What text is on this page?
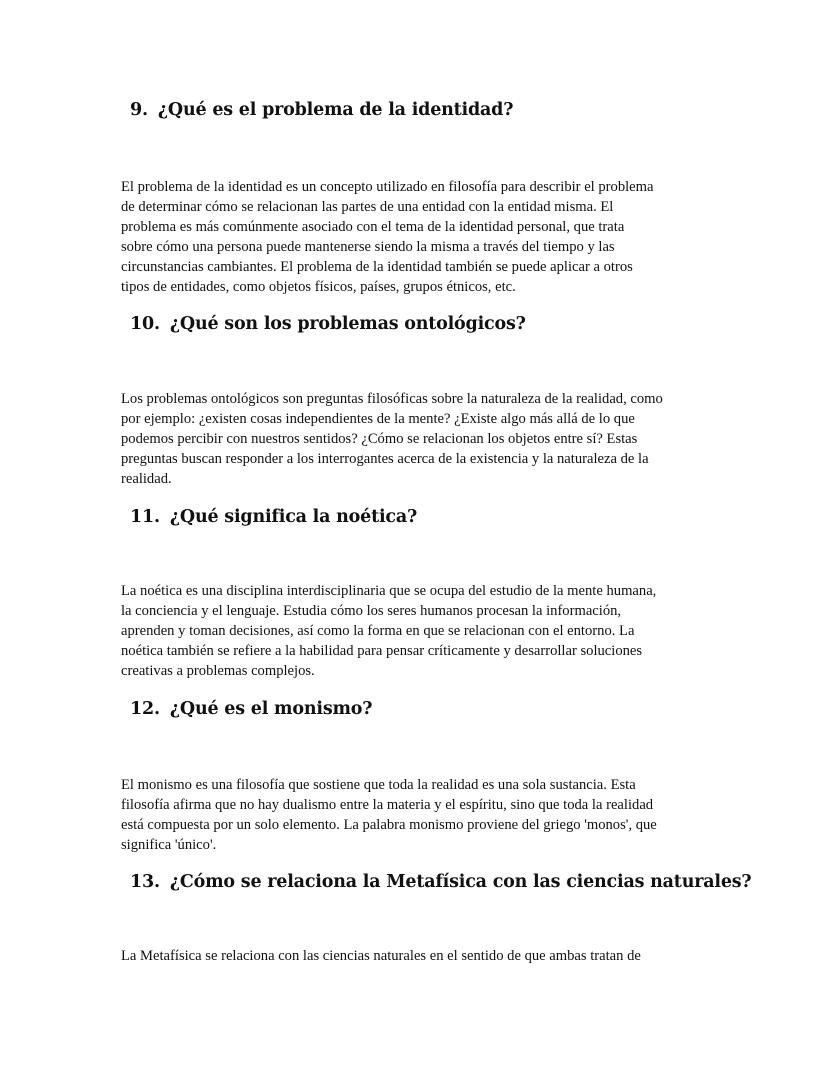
9. ¿Qué es el problema de la identidad?

El problema de la identidad es un concepto utilizado en filosofía para describir el problema
de determinar cómo se relacionan las partes de una entidad con la entidad misma. El
problema es más comúnmente asociado con el tema de la identidad personal, que trata
sobre cómo una persona puede mantenerse siendo la misma a través del tiempo y las
circunstancias cambiantes. El problema de la identidad también se puede aplicar a otros
tipos de entidades, como objetos físicos, países, grupos étnicos, etc.

10. ¿Qué son los problemas ontológicos?

Los problemas ontológicos son preguntas filosóficas sobre la naturaleza de la realidad, como
por ejemplo: ¿existen cosas independientes de la mente? ¿Existe algo más allá de lo que
podemos percibir con nuestros sentidos? ¿Cómo se relacionan los objetos entre sí? Estas
preguntas buscan responder a los interrogantes acerca de la existencia y la naturaleza de la
realidad.

11. ¿Qué significa la noética?

La noética es una disciplina interdisciplinaria que se ocupa del estudio de la mente humana,
la conciencia y el lenguaje. Estudia cómo los seres humanos procesan la información,
aprenden y toman decisiones, así como la forma en que se relacionan con el entorno. La
noética también se refiere a la habilidad para pensar críticamente y desarrollar soluciones
creativas a problemas complejos.

12. ¿Qué es el monismo?

El monismo es una filosofía que sostiene que toda la realidad es una sola sustancia. Esta
filosofía afirma que no hay dualismo entre la materia y el espíritu, sino que toda la realidad
está compuesta por un solo elemento. La palabra monismo proviene del griego 'monos', que
significa 'único'.

13. ¿Cómo se relaciona la Metafísica con las ciencias naturales?

La Metafísica se relaciona con las ciencias naturales en el sentido de que ambas tratan de
